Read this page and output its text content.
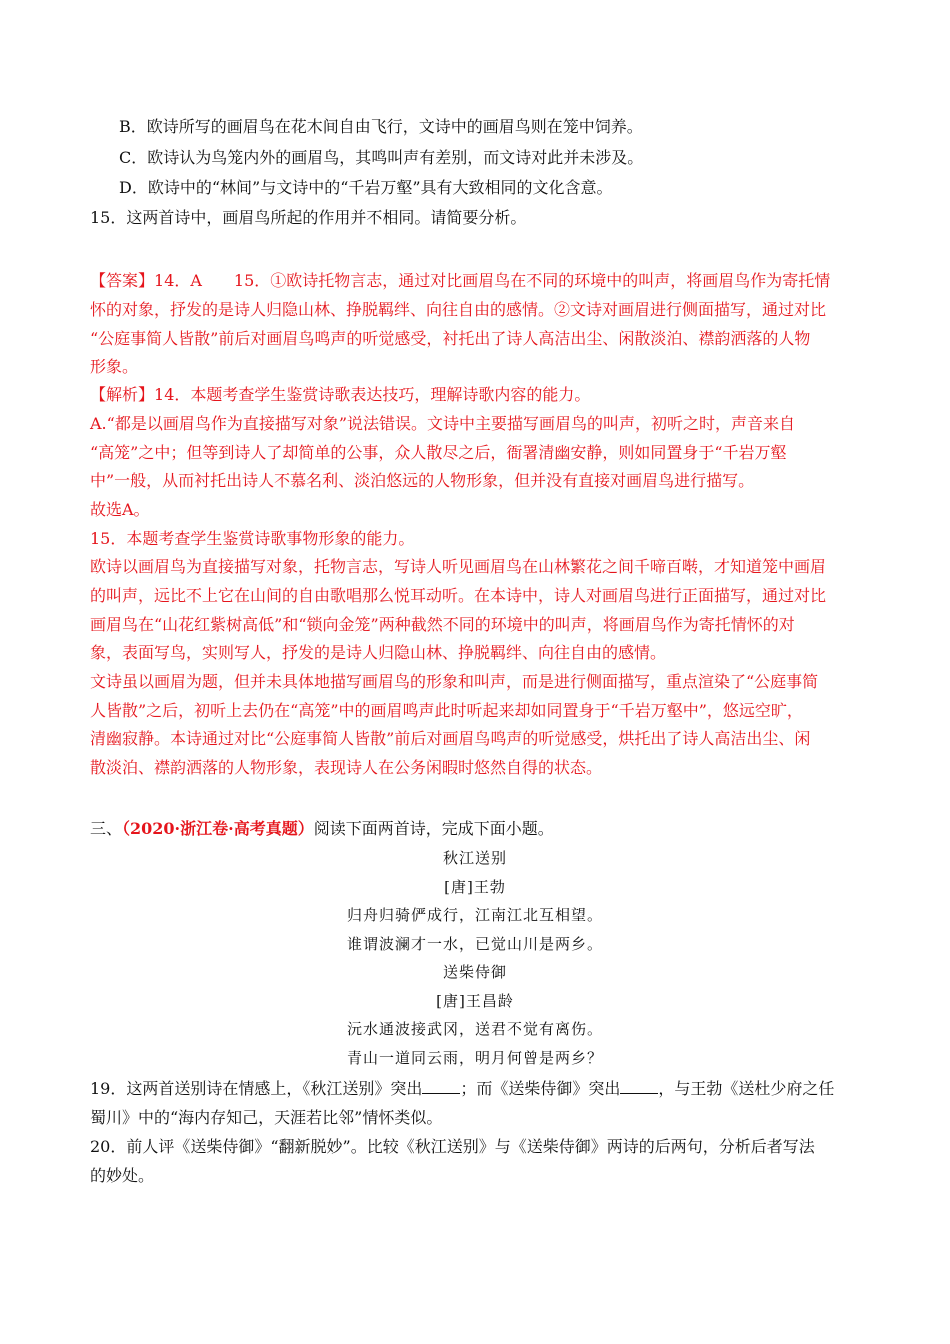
B．欧诗所写的画眉鸟在花木间自由飞行，文诗中的画眉鸟则在笼中饲养。
C．欧诗认为鸟笼内外的画眉鸟，其鸣叫声有差别，而文诗对此并未涉及。
D．欧诗中的“林间”与文诗中的“千岩万壑”具有大致相同的文化含意。
15．这两首诗中，画眉鸟所起的作用并不相同。请简要分析。
【答案】14．A　　15．①欧诗托物言志，通过对比画眉鸟在不同的环境中的叫声，将画眉鸟作为寄托情
怀的对象，抒发的是诗人归隐山林、挣脱羁绊、向往自由的感情。②文诗对画眉进行侧面描写，通过对比
“公庭事简人皆散”前后对画眉鸟鸣声的听觉感受，衬托出了诗人高洁出尘、闲散淡泊、襟韵洒落的人物
形象。
【解析】14．本题考查学生鉴赏诗歌表达技巧，理解诗歌内容的能力。
A.“都是以画眉鸟作为直接描写对象”说法错误。文诗中主要描写画眉鸟的叫声，初听之时，声音来自
“高笼”之中；但等到诗人了却简单的公事，众人散尽之后，衙署清幽安静，则如同置身于“千岩万壑
中”一般，从而衬托出诗人不慕名利、淡泊悠远的人物形象，但并没有直接对画眉鸟进行描写。
故选A。
15．本题考查学生鉴赏诗歌事物形象的能力。
欧诗以画眉鸟为直接描写对象，托物言志，写诗人听见画眉鸟在山林繁花之间千啼百啭，才知道笼中画眉
的叫声，远比不上它在山间的自由歌唱那么悦耳动听。在本诗中，诗人对画眉鸟进行正面描写，通过对比
画眉鸟在“山花红紫树高低”和“锁向金笼”两种截然不同的环境中的叫声，将画眉鸟作为寄托情怀的对
象，表面写鸟，实则写人，抒发的是诗人归隐山林、挣脱羁绊、向往自由的感情。
文诗虽以画眉为题，但并未具体地描写画眉鸟的形象和叫声，而是进行侧面描写，重点渲染了“公庭事简
人皆散”之后，初听上去仍在“高笼”中的画眉鸣声此时听起来却如同置身于“千岩万壑中”，悠远空旷，
清幽寂静。本诗通过对比“公庭事简人皆散”前后对画眉鸟鸣声的听觉感受，烘托出了诗人高洁出尘、闲
散淡泊、襟韵洒落的人物形象，表现诗人在公务闲暇时悠然自得的状态。
三、（2020·浙江卷·高考真题）阅读下面两首诗，完成下面小题。
秋江送别
[唐]王勃
归舟归骑俨成行，江南江北互相望。
谁谓波澜才一水，已觉山川是两乡。
送柴侍御
[唐]王昌龄
沅水通波接武冈，送君不觉有离伤。
青山一道同云雨，明月何曾是两乡？
19．这两首送别诗在情感上，《秋江送别》突出 ；而《送柴侍御》突出 ，与王勃《送杜少府之任
蜀川》中的“海内存知己，天涯若比邻”情怀类似。
20．前人评《送柴侍御》“翻新脱妙”。比较《秋江送别》与《送柴侍御》两诗的后两句，分析后者写法
的妙处。
